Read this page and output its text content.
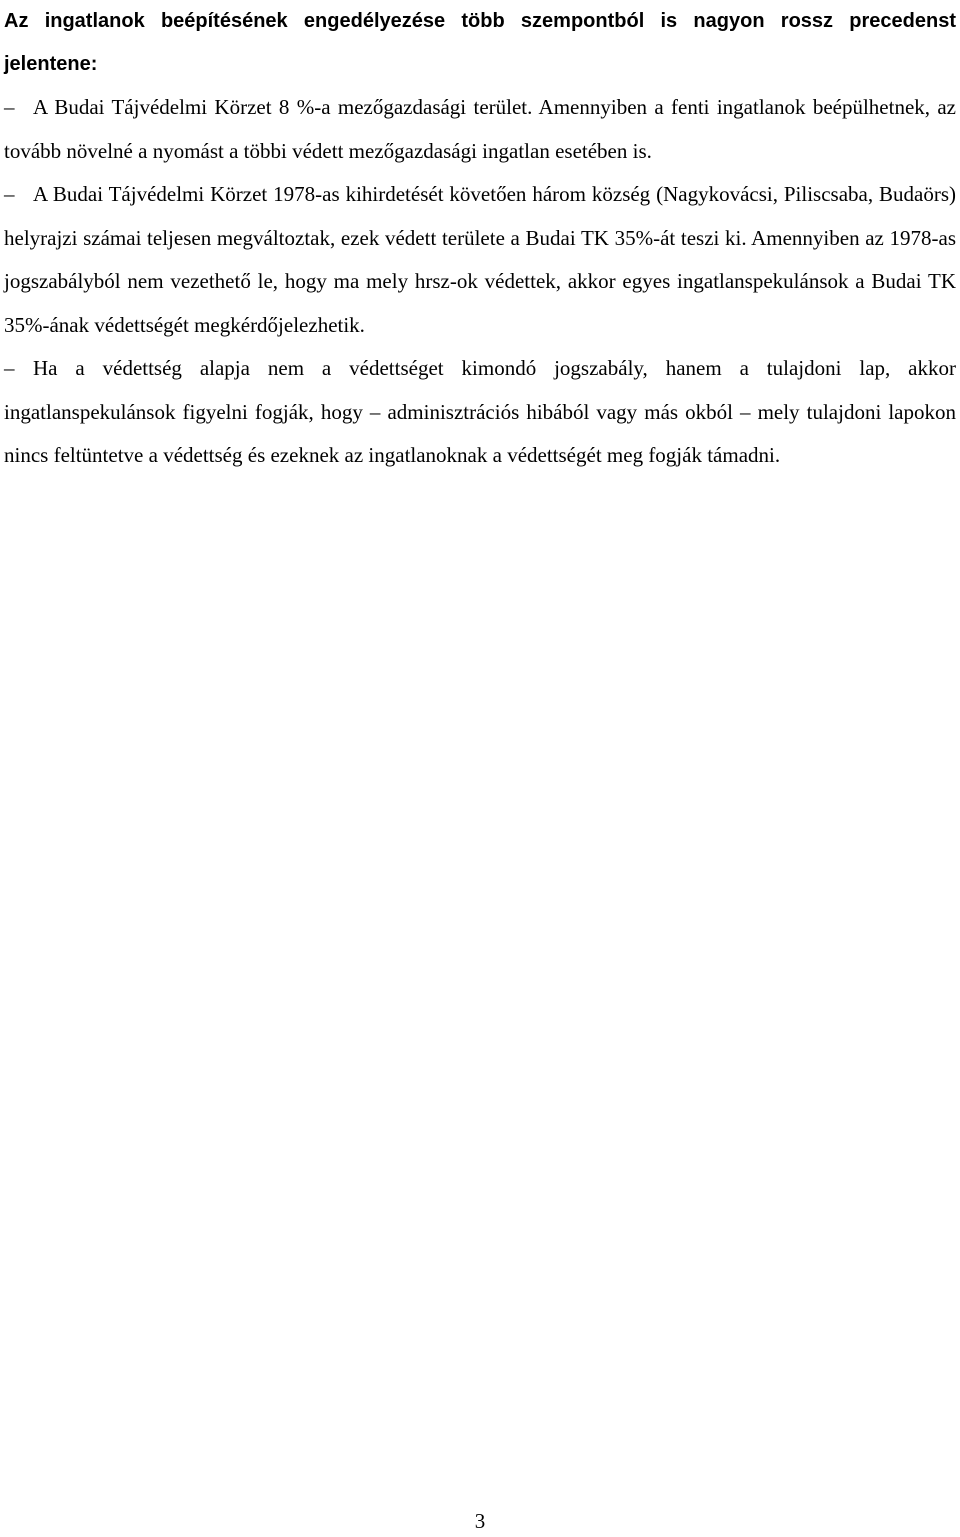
Az ingatlanok beépítésének engedélyezése több szempontból is nagyon rossz precedenst jelentene:

– A Budai Tájvédelmi Körzet 8 %-a mezőgazdasági terület. Amennyiben a fenti ingatlanok beépülhetnek, az tovább növelné a nyomást a többi védett mezőgazdasági ingatlan esetében is.

– A Budai Tájvédelmi Körzet 1978-as kihirdetését követően három község (Nagykovácsi, Piliscsaba, Budaörs) helyrajzi számai teljesen megváltoztak, ezek védett területe a Budai TK 35%-át teszi ki. Amennyiben az 1978-as jogszabályból nem vezethető le, hogy ma mely hrsz-ok védettek, akkor egyes ingatlanspekulánsok a Budai TK 35%-ának védettségét megkérdőjelezhetik.

– Ha a védettség alapja nem a védettséget kimondó jogszabály, hanem a tulajdoni lap, akkor ingatlanspekulánsok figyelni fogják, hogy – adminisztrációs hibából vagy más okból – mely tulajdoni lapokon nincs feltüntetve a védettség és ezeknek az ingatlanoknak a védettségét meg fogják támadni.

3
